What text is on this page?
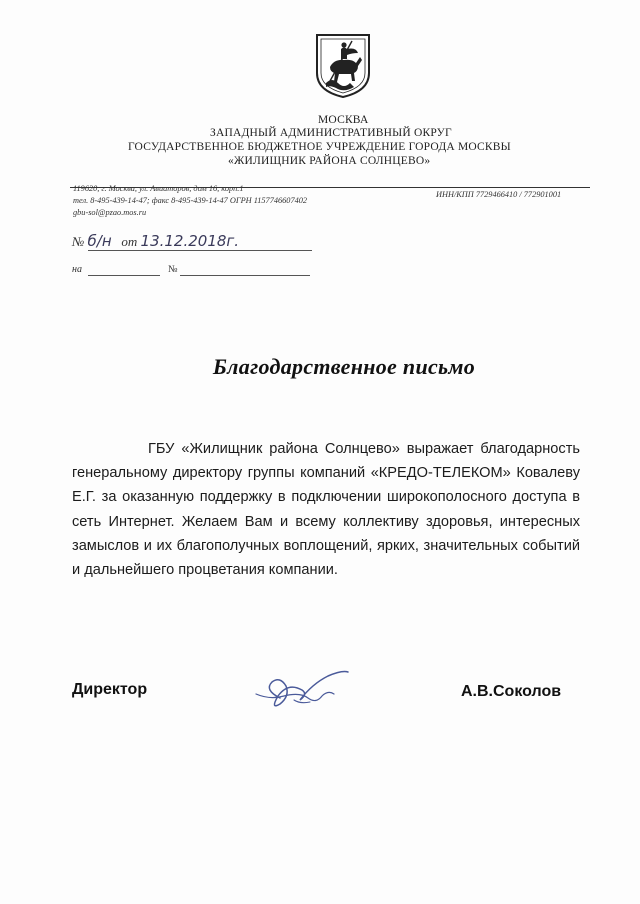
МОСКВА
ЗАПАДНЫЙ АДМИНИСТРАТИВНЫЙ ОКРУГ
ГОСУДАРСТВЕННОЕ БЮДЖЕТНОЕ УЧРЕЖДЕНИЕ ГОРОДА МОСКВЫ
«ЖИЛИЩНИК РАЙОНА СОЛНЦЕВО»
119620, г. Москва, ул. Авиаторов, дом 16, корп.1
тел. 8-495-439-14-47; факс 8-495-439-14-47 ОГРН 1157746607402
gbu-sol@pzao.mos.ru
ИНН/КПП 7729466410 / 772901001
№ б/н от 13.12.2018г.
на	№
Благодарственное письмо
ГБУ «Жилищник района Солнцево» выражает благодарность генеральному директору группы компаний «КРЕДО-ТЕЛЕКОМ» Ковалеву Е.Г. за оказанную поддержку в подключении широкополосного доступа в сеть Интернет. Желаем Вам и всему коллективу здоровья, интересных замыслов и их благополучных воплощений, ярких, значительных событий и дальнейшего процветания компании.
Директор	А.В.Соколов
